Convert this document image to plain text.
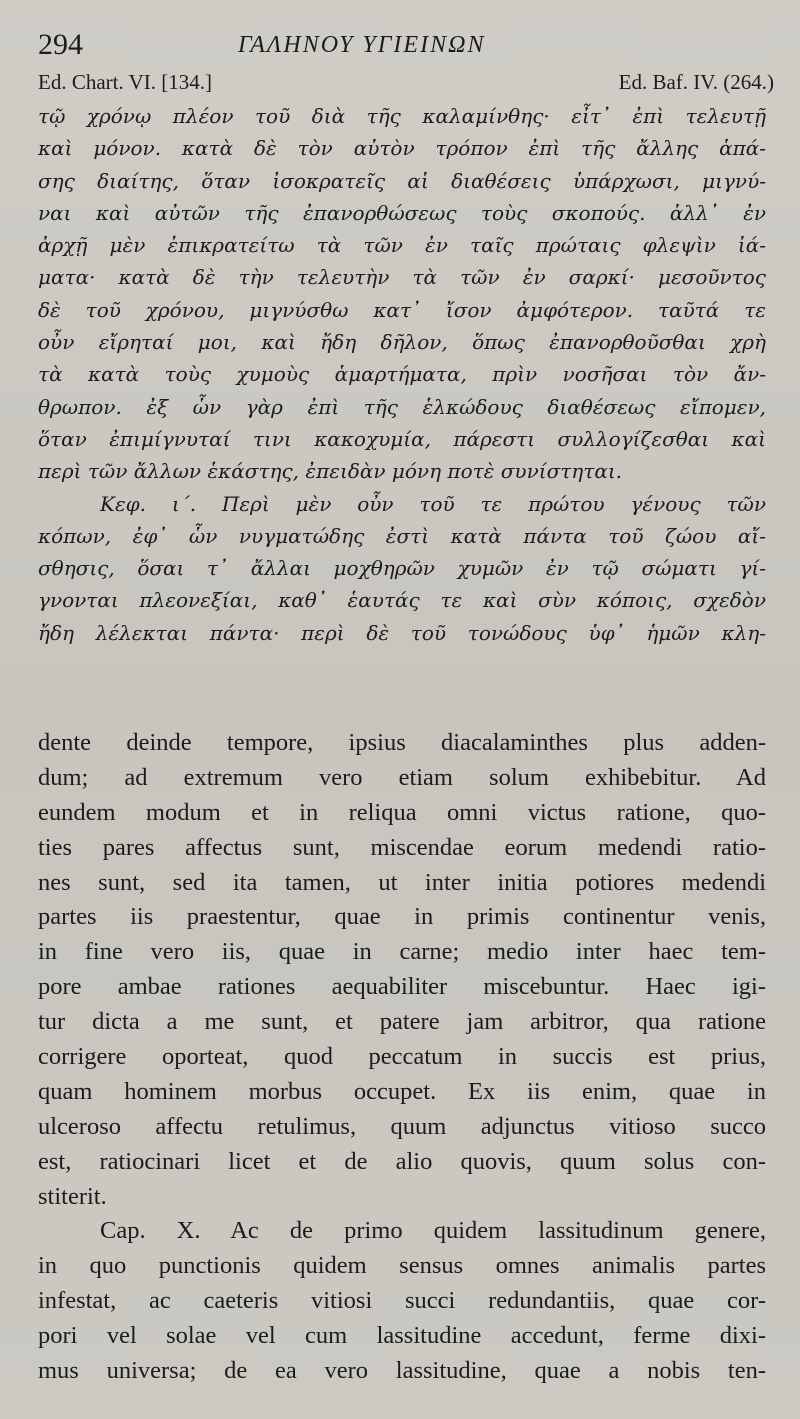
294	ΓΑΛΗΝΟΥ ΥΓΙΕΙΝΩΝ
Ed. Chart. VI. [134.]	Ed. Baf. IV. (264.)
τῷ χρόνῳ πλέον τοῦ διὰ τῆς καλαμίνθης· εἶτ᾿ ἐπὶ τελευτῇ
καὶ μόνον. κατὰ δὲ τὸν αὐτὸν τρόπον ἐπὶ τῆς ἄλλης ἁπά-
σης διαίτης, ὅταν ἰσοκρατεῖς αἱ διαθέσεις ὑπάρχωσι, μιγνύ-
ναι καὶ αὐτῶν τῆς ἐπανορθώσεως τοὺς σκοπούς. ἀλλ᾿ ἐν
ἀρχῇ μὲν ἐπικρατείτω τὰ τῶν ἐν ταῖς πρώταις φλεψὶν ἰά-
ματα· κατὰ δὲ τὴν τελευτὴν τὰ τῶν ἐν σαρκί· μεσοῦντος
δὲ τοῦ χρόνου, μιγνύσθω κατ᾿ ἴσον ἀμφότερον. ταῦτά τε
οὖν εἴρηταί μοι, καὶ ἤδη δῆλον, ὅπως ἐπανορθοῦσθαι χρὴ
τὰ κατὰ τοὺς χυμοὺς ἁμαρτήματα, πρὶν νοσῆσαι τὸν ἄν-
θρωπον. ἐξ ὧν γὰρ ἐπὶ τῆς ἑλκώδους διαθέσεως εἴπομεν,
ὅταν ἐπιμίγνυταί τινι κακοχυμία, πάρεστι συλλογίζεσθαι καὶ
περὶ τῶν ἄλλων ἑκάστης, ἐπειδὰν μόνη ποτὲ συνίστηται.
Κεφ. ι΄. Περὶ μὲν οὖν τοῦ τε πρώτου γένους τῶν
κόπων, ἐφ᾿ ὧν νυγματώδης ἐστὶ κατὰ πάντα τοῦ ζώου αἴ-
σθησις, ὅσαι τ᾿ ἄλλαι μοχθηρῶν χυμῶν ἐν τῷ σώματι γί-
γνονται πλεονεξίαι, καθ᾿ ἑαυτάς τε καὶ σὺν κόποις, σχεδὸν
ἤδη λέλεκται πάντα· περὶ δὲ τοῦ τονώδους ὑφ᾿ ἡμῶν κλη-
dente deinde tempore, ipsius diacalaminthes plus adden-
dum; ad extremum vero etiam solum exhibebitur. Ad
eundem modum et in reliqua omni victus ratione, quo-
ties pares affectus sunt, miscendae eorum medendi ratio-
nes sunt, sed ita tamen, ut inter initia potiores medendi
partes iis praestentur, quae in primis continentur venis,
in fine vero iis, quae in carne; medio inter haec tem-
pore ambae rationes aequabiliter miscebuntur. Haec igi-
tur dicta a me sunt, et patere jam arbitror, qua ratione
corrigere oporteat, quod peccatum in succis est prius,
quam hominem morbus occupet. Ex iis enim, quae in
ulceroso affectu retulimus, quum adjunctus vitioso succo
est, ratiocinari licet et de alio quovis, quum solus con-
stiterit.
Cap. X. Ac de primo quidem lassitudinum genere,
in quo punctionis quidem sensus omnes animalis partes
infestat, ac caeteris vitiosi succi redundantiis, quae cor-
pori vel solae vel cum lassitudine accedunt, ferme dixi-
mus universa; de ea vero lassitudine, quae a nobis ten-
